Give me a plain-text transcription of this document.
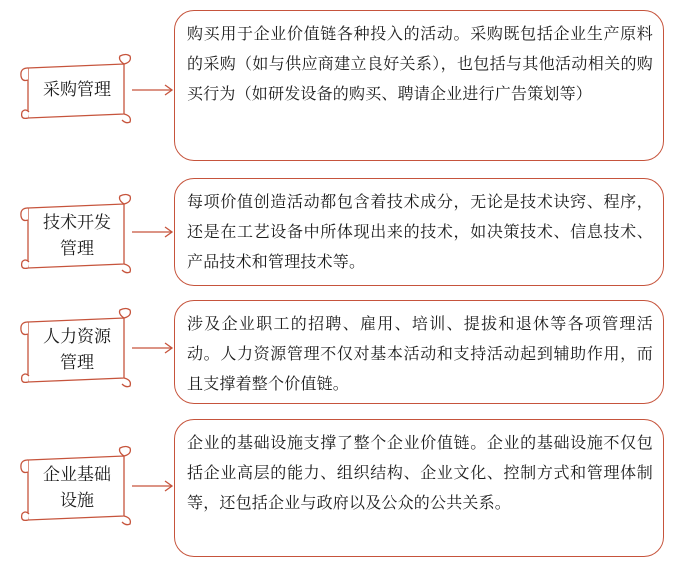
采购管理
购买用于企业价值链各种投入的活动。采购既包括企业生产原料的采购（如与供应商建立良好关系），也包括与其他活动相关的购买行为（如研发设备的购买、聘请企业进行广告策划等）
技术开发管理
每项价值创造活动都包含着技术成分，无论是技术诀窍、程序，还是在工艺设备中所体现出来的技术，如决策技术、信息技术、产品技术和管理技术等。
人力资源管理
涉及企业职工的招聘、雇用、培训、提拔和退休等各项管理活动。人力资源管理不仅对基本活动和支持活动起到辅助作用，而且支撑着整个价值链。
企业基础设施
企业的基础设施支撑了整个企业价值链。企业的基础设施不仅包括企业高层的能力、组织结构、企业文化、控制方式和管理体制等，还包括企业与政府以及公众的公共关系。
